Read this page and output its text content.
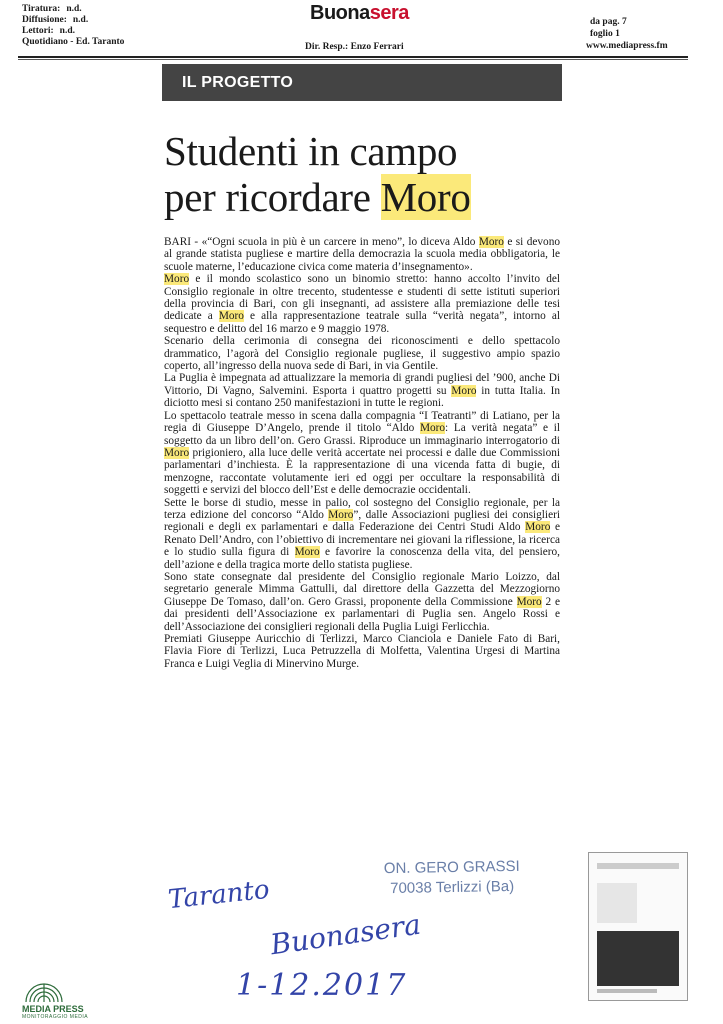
Tiratura: n.d.
Diffusione: n.d.
Lettori: n.d.
Quotidiano - Ed. Taranto
Buonasera
Dir. Resp.: Enzo Ferrari
da pag. 7
foglio 1
www.mediapress.fm
IL PROGETTO
Studenti in campo
per ricordare Moro

BARI - «“Ogni scuola in più è un carcere in meno”, lo diceva Aldo Moro e si devono al grande statista pugliese e martire della democrazia la scuola media obbligatoria, le scuole materne, l’educazione civica come materia d’insegnamento».

Moro e il mondo scolastico sono un binomio stretto: hanno accolto l’invito del Consiglio regionale in oltre trecento, studentesse e studenti di sette istituti superiori della provincia di Bari, con gli insegnanti, ad assistere alla premiazione delle tesi dedicate a Moro e alla rappresentazione teatrale sulla “verità negata”, intorno al sequestro e delitto del 16 marzo e 9 maggio 1978.

Scenario della cerimonia di consegna dei riconoscimenti e dello spettacolo drammatico, l’agorà del Consiglio regionale pugliese, il suggestivo ampio spazio coperto, all’ingresso della nuova sede di Bari, in via Gentile.

La Puglia è impegnata ad attualizzare la memoria di grandi pugliesi del ’900, anche Di Vittorio, Di Vagno, Salvemini. Esporta i quattro progetti su Moro in tutta Italia. In diciotto mesi si contano 250 manifestazioni in tutte le regioni.

Lo spettacolo teatrale messo in scena dalla compagnia “I Teatranti” di Latiano, per la regia di Giuseppe D’Angelo, prende il titolo “Aldo Moro: La verità negata” e il soggetto da un libro dell’on. Gero Grassi. Riproduce un immaginario interrogatorio di Moro prigioniero, alla luce delle verità accertate nei processi e dalle due Commissioni parlamentari d’inchiesta. È la rappresentazione di una vicenda fatta di bugie, di menzogne, raccontate volutamente ieri ed oggi per occultare la responsabilità di soggetti e servizi del blocco dell’Est e delle democrazie occidentali.

Sette le borse di studio, messe in palio, col sostegno del Consiglio regionale, per la terza edizione del concorso “Aldo Moro”, dalle Associazioni pugliesi dei consiglieri regionali e degli ex parlamentari e dalla Federazione dei Centri Studi Aldo Moro e Renato Dell’Andro, con l’obiettivo di incrementare nei giovani la riflessione, la ricerca e lo studio sulla figura di Moro e favorire la conoscenza della vita, del pensiero, dell’azione e della tragica morte dello statista pugliese.

Sono state consegnate dal presidente del Consiglio regionale Mario Loizzo, dal segretario generale Mimma Gattulli, dal direttore della Gazzetta del Mezzogiorno Giuseppe De Tomaso, dall’on. Gero Grassi, proponente della Commissione Moro 2 e dai presidenti dell’Associazione ex parlamentari di Puglia sen. Angelo Rossi e dell’Associazione dei consiglieri regionali della Puglia Luigi Ferlicchia.

Premiati Giuseppe Auricchio di Terlizzi, Marco Cianciola e Daniele Fato di Bari, Flavia Fiore di Terlizzi, Luca Petruzzella di Molfetta, Valentina Urgesi di Martina Franca e Luigi Veglia di Minervino Murge.

ON. GERO GRASSI
70038 Terlizzi (Ba)
Taranto
Buonasera
1-12.2017
MEDIA PRESS
MONITORAGGIO MEDIA
